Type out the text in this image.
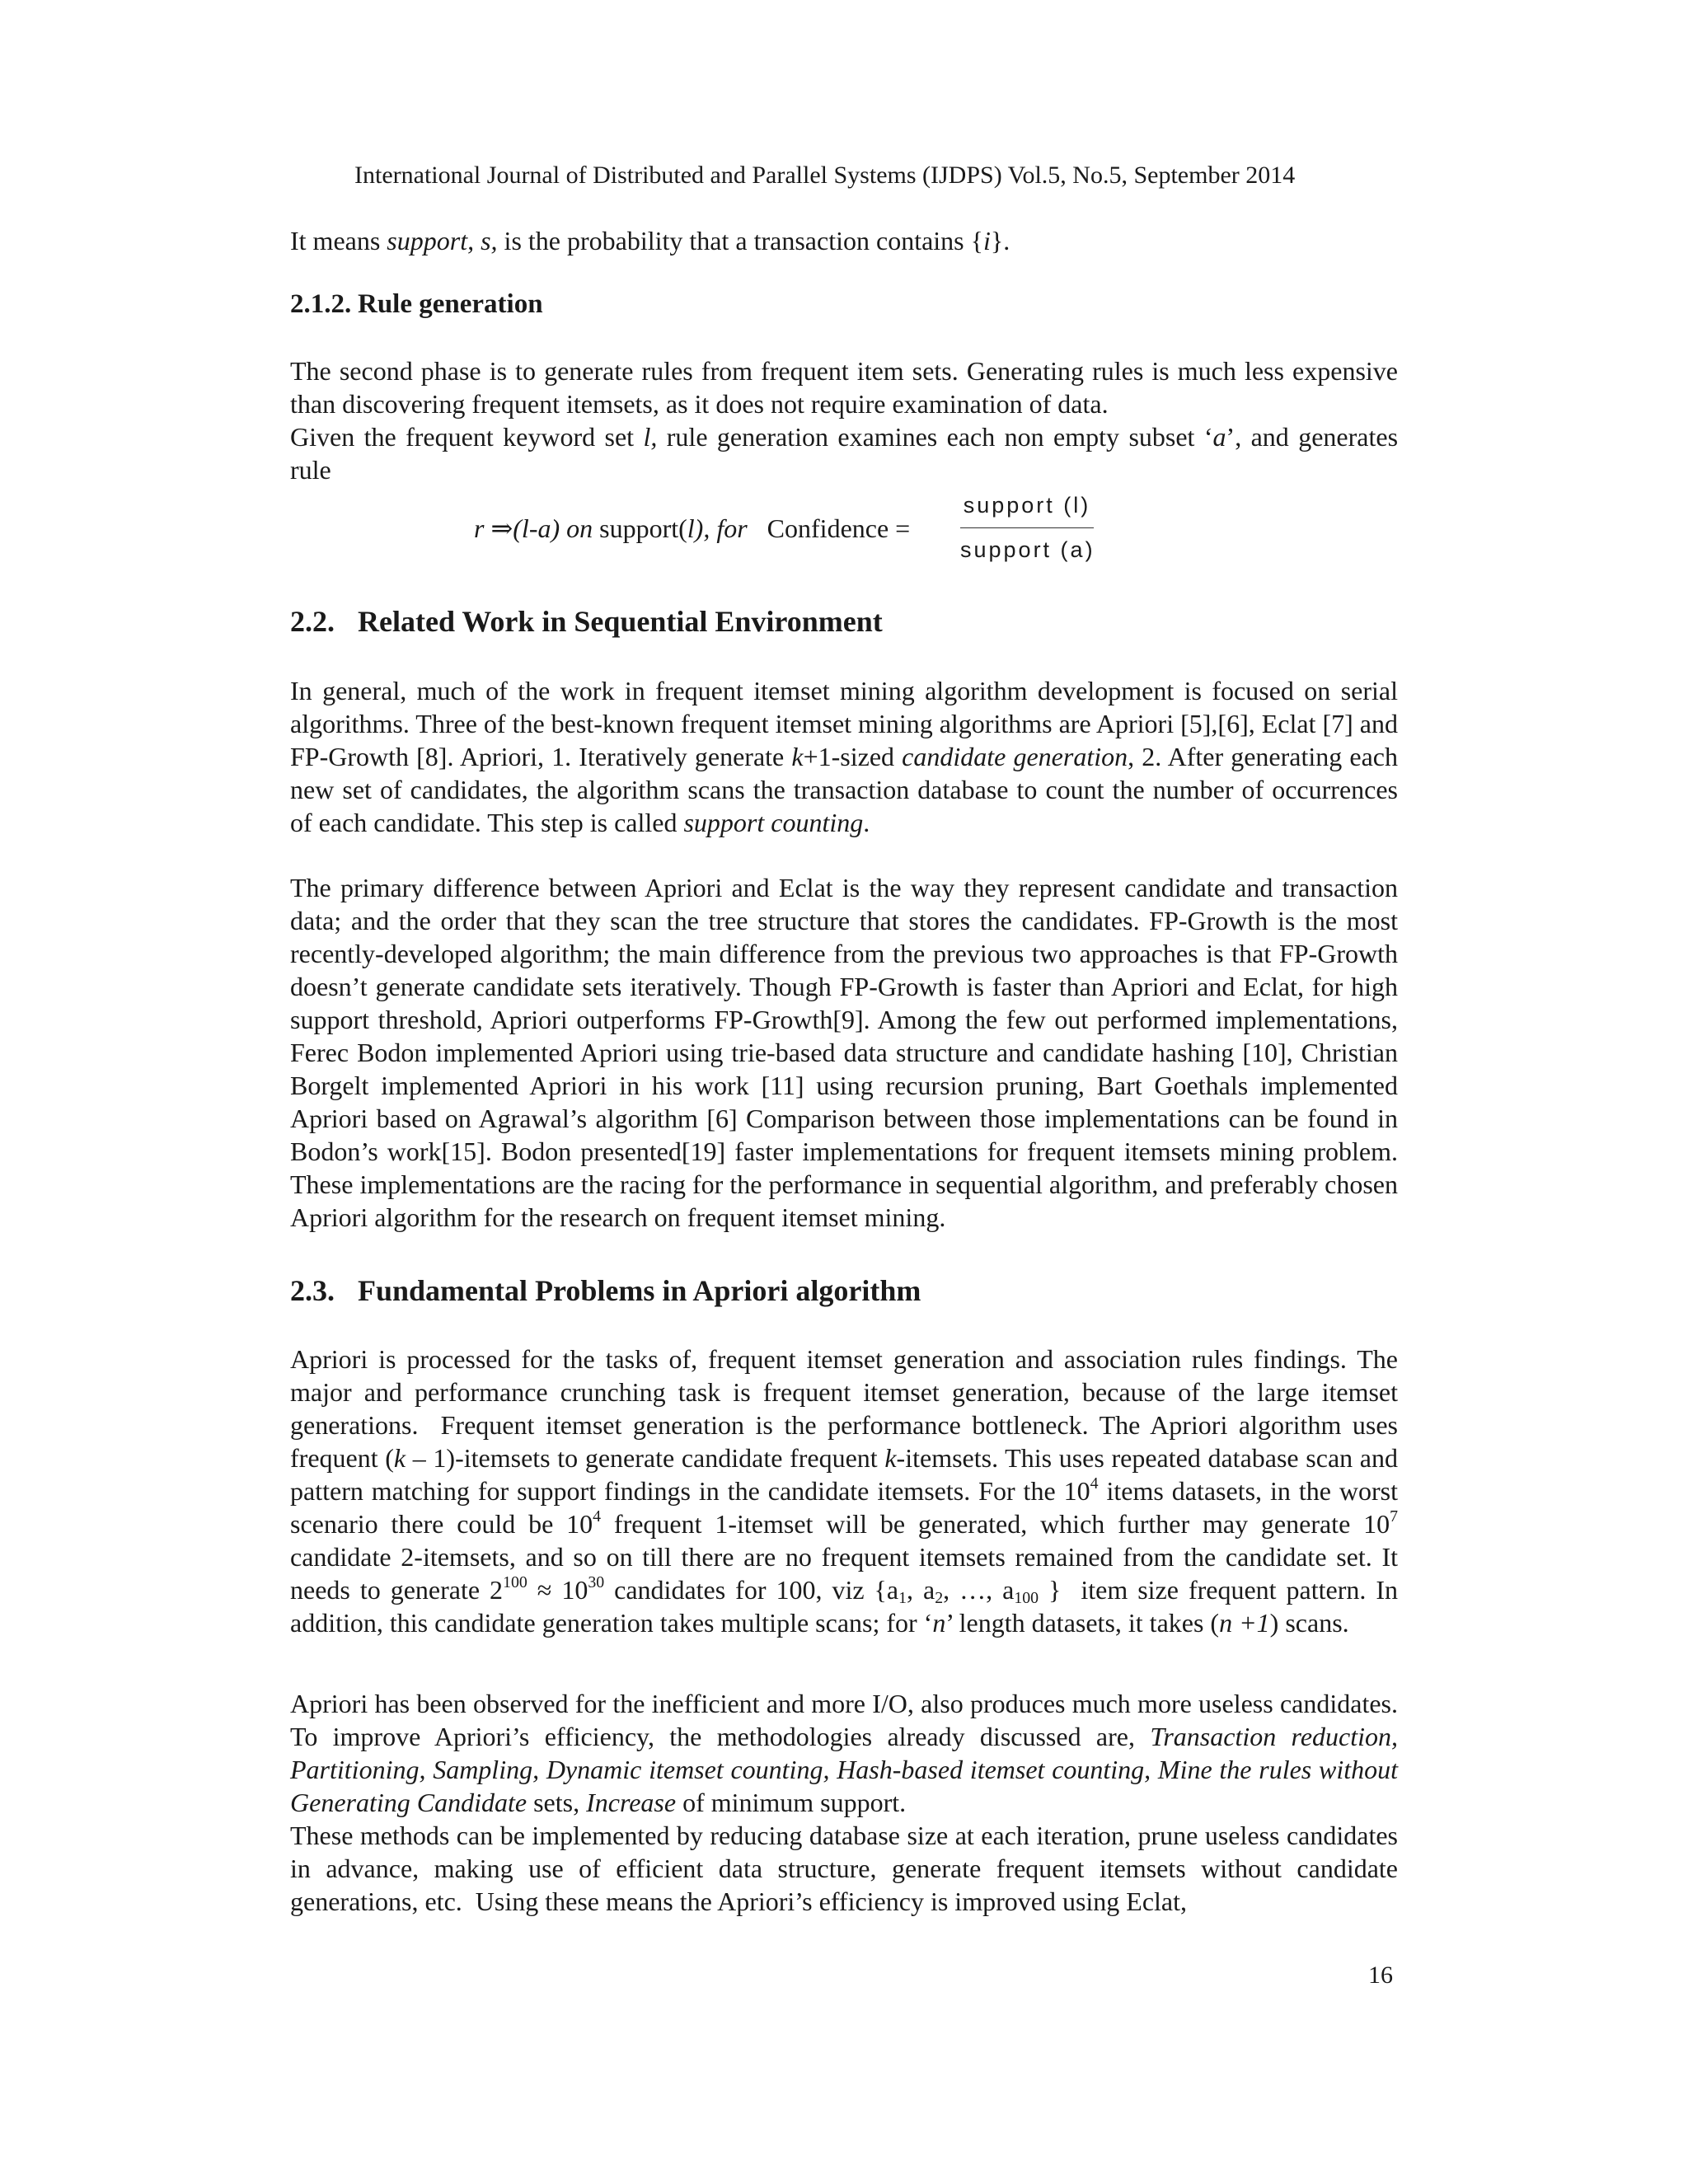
International Journal of Distributed and Parallel Systems (IJDPS) Vol.5, No.5, September 2014

It means support, s, is the probability that a transaction contains {i}.

2.1.2. Rule generation

The second phase is to generate rules from frequent item sets. Generating rules is much less expensive than discovering frequent itemsets, as it does not require examination of data.

Given the frequent keyword set l, rule generation examines each non empty subset ‘a’, and generates rule

r ⇒(l-a) on support(l), for Confidence =
support (l)
support (a)
2.2. Related Work in Sequential Environment

In general, much of the work in frequent itemset mining algorithm development is focused on serial algorithms. Three of the best-known frequent itemset mining algorithms are Apriori [5],[6], Eclat [7] and FP-Growth [8]. Apriori, 1. Iteratively generate k+1-sized candidate generation, 2. After generating each new set of candidates, the algorithm scans the transaction database to count the number of occurrences of each candidate. This step is called support counting.

The primary difference between Apriori and Eclat is the way they represent candidate and transaction data; and the order that they scan the tree structure that stores the candidates. FP-Growth is the most recently-developed algorithm; the main difference from the previous two approaches is that FP-Growth doesn’t generate candidate sets iteratively. Though FP-Growth is faster than Apriori and Eclat, for high support threshold, Apriori outperforms FP-Growth[9]. Among the few out performed implementations, Ferec Bodon implemented Apriori using trie-based data structure and candidate hashing [10], Christian Borgelt implemented Apriori in his work [11] using recursion pruning, Bart Goethals implemented Apriori based on Agrawal’s algorithm [6] Comparison between those implementations can be found in Bodon’s work[15]. Bodon presented[19] faster implementations for frequent itemsets mining problem. These implementations are the racing for the performance in sequential algorithm, and preferably chosen Apriori algorithm for the research on frequent itemset mining.

2.3. Fundamental Problems in Apriori algorithm

Apriori is processed for the tasks of, frequent itemset generation and association rules findings. The major and performance crunching task is frequent itemset generation, because of the large itemset generations.  Frequent itemset generation is the performance bottleneck. The Apriori algorithm uses frequent (k – 1)-itemsets to generate candidate frequent k-itemsets. This uses repeated database scan and pattern matching for support findings in the candidate itemsets. For the $10^4$ items datasets, in the worst scenario there could be $10^4$ frequent 1-itemset will be generated, which further may generate $10^7$ candidate 2-itemsets, and so on till there are no frequent itemsets remained from the candidate set. It needs to generate $2^{100} \approx 10^{30}$ candidates for 100, viz {$a_1$, $a_2$, …, $a_{100}$ }  item size frequent pattern. In addition, this candidate generation takes multiple scans; for ‘n’ length datasets, it takes (n +1) scans.

Apriori has been observed for the inefficient and more I/O, also produces much more useless candidates. To improve Apriori’s efficiency, the methodologies already discussed are, Transaction reduction, Partitioning, Sampling, Dynamic itemset counting, Hash-based itemset counting, Mine the rules without Generating Candidate sets, Increase of minimum support.

These methods can be implemented by reducing database size at each iteration, prune useless candidates in advance, making use of efficient data structure, generate frequent itemsets without candidate generations, etc.  Using these means the Apriori’s efficiency is improved using Eclat,

16
